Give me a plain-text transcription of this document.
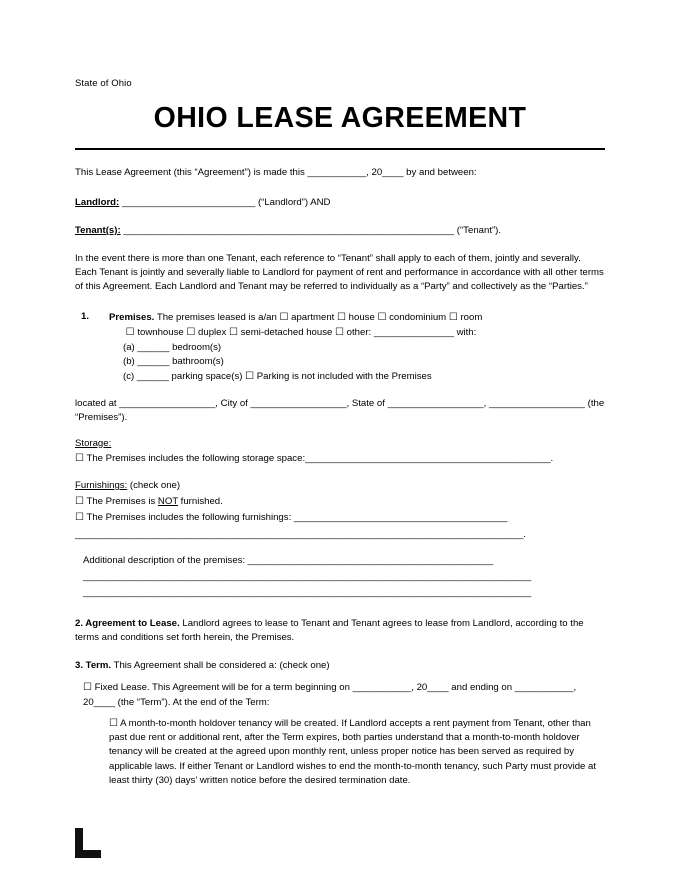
State of Ohio
OHIO LEASE AGREEMENT

This Lease Agreement (this “Agreement”) is made this ___________, 20____ by and between:

Landlord: _________________________ (“Landlord”) AND

Tenant(s): ______________________________________________________________ (“Tenant”).

In the event there is more than one Tenant, each reference to “Tenant” shall apply to each of them, jointly and severally. Each Tenant is jointly and severally liable to Landlord for payment of rent and performance in accordance with all other terms of this Agreement. Each Landlord and Tenant may be referred to individually as a “Party” and collectively as the “Parties.”

1. Premises. The premises leased is a/an ☐ apartment ☐ house ☐ condominium ☐ room
☐ townhouse ☐ duplex ☐ semi-detached house ☐ other: _______________ with:

(a) ______ bedroom(s)

(b) ______ bathroom(s)

(c) ______ parking space(s) ☐ Parking is not included with the Premises

located at __________________, City of __________________, State of __________________, __________________ (the “Premises”).

Storage:

☐ The Premises includes the following storage space:______________________________________________.

Furnishings: (check one)

☐ The Premises is NOT furnished.

☐ The Premises includes the following furnishings: ________________________________________

____________________________________________________________________________________.

Additional description of the premises: ______________________________________________

____________________________________________________________________________________

____________________________________________________________________________________

2. Agreement to Lease. Landlord agrees to lease to Tenant and Tenant agrees to lease from Landlord, according to the terms and conditions set forth herein, the Premises.

3. Term. This Agreement shall be considered a: (check one)

☐ Fixed Lease. This Agreement will be for a term beginning on ___________, 20____ and ending on ___________, 20____ (the “Term”). At the end of the Term:

☐ A month-to-month holdover tenancy will be created. If Landlord accepts a rent payment from Tenant, other than past due rent or additional rent, after the Term expires, both parties understand that a month-to-month holdover tenancy will be created at the agreed upon monthly rent, unless proper notice has been served as required by applicable laws. If either Tenant or Landlord wishes to end the month-to-month tenancy, such Party must provide at least thirty (30) days’ written notice before the desired termination date.
